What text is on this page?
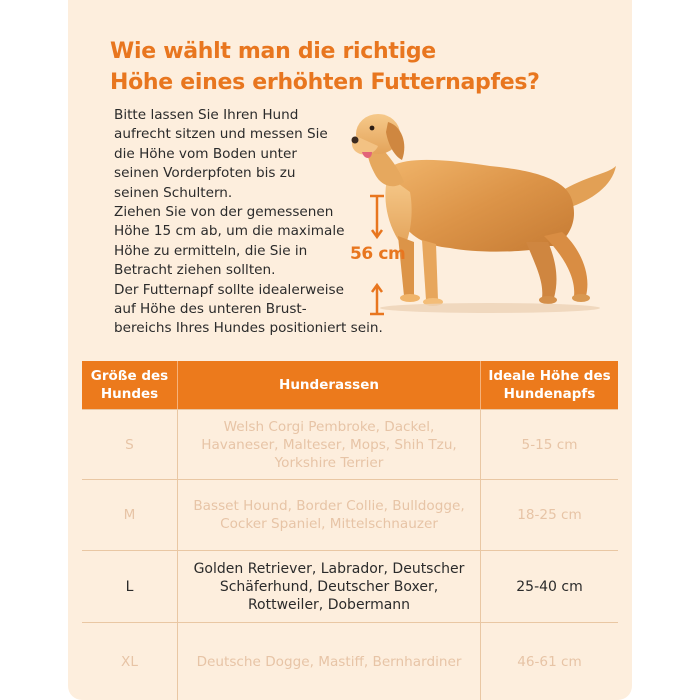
Wie wählt man die richtige
Höhe eines erhöhten Futternapfes?
Bitte lassen Sie Ihren Hund
aufrecht sitzen und messen Sie
die Höhe vom Boden unter
seinen Vorderpfoten bis zu
seinen Schultern.
Ziehen Sie von der gemessenen
Höhe 15 cm ab, um die maximale
Höhe zu ermitteln, die Sie in
Betracht ziehen sollten.
Der Futternapf sollte idealerweise
auf Höhe des unteren Brust-
bereichs Ihres Hundes positioniert sein.
56 cm
Größe des Hundes
Hunderassen
Ideale Höhe des Hundenapfs
S
Welsh Corgi Pembroke, Dackel, Havaneser, Malteser, Mops, Shih Tzu, Yorkshire Terrier
5-15 cm
M
Basset Hound, Border Collie, Bulldogge, Cocker Spaniel, Mittelschnauzer
18-25 cm
L
Golden Retriever, Labrador, Deutscher Schäferhund, Deutscher Boxer, Rottweiler, Dobermann
25-40 cm
XL	Deutsche Dogge, Mastiff, Bernhardiner	46-61 cm
